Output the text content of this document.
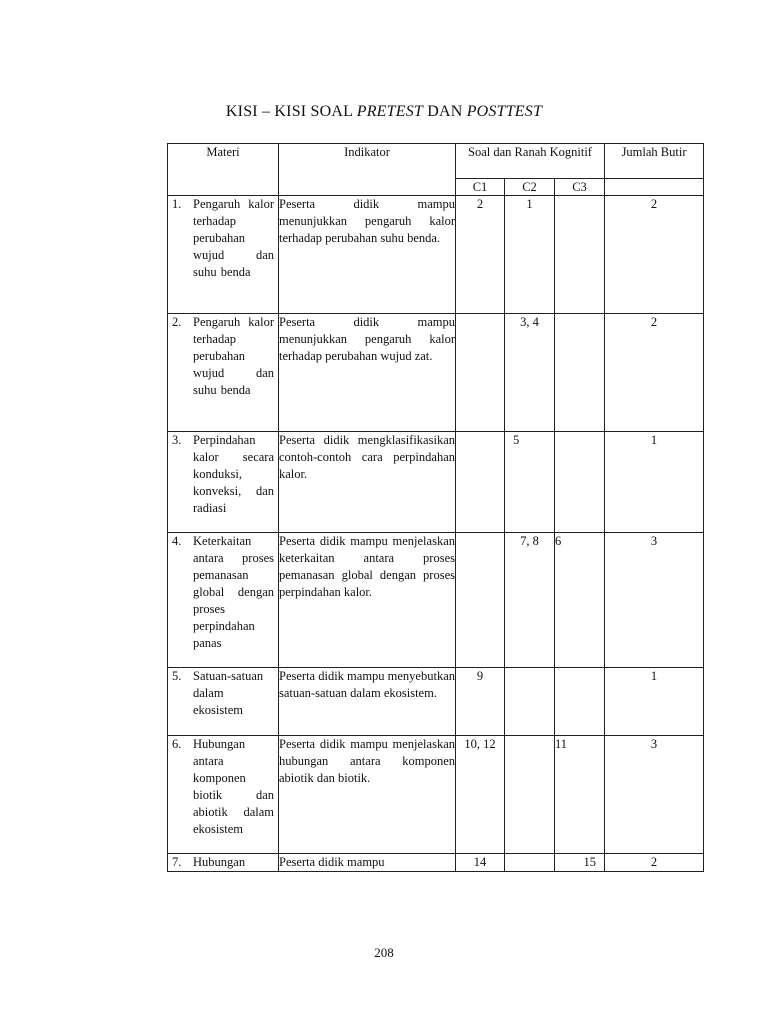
KISI – KISI SOAL PRETEST DAN POSTTEST
Materi	Indikator	Soal dan Ranah Kognitif			Jumlah Butir
		C1	C2	C3	

1. Pengaruh kalor terhadap perubahan wujud dan suhu benda	Peserta didik mampu menunjukkan pengaruh kalor terhadap perubahan suhu benda.	2	1		2

2. Pengaruh kalor terhadap perubahan wujud dan suhu benda	Peserta didik mampu menunjukkan pengaruh kalor terhadap perubahan wujud zat.		3, 4		2

3. Perpindahan kalor secara konduksi, konveksi, dan radiasi	Peserta didik mengklasifikasikan contoh-contoh cara perpindahan kalor.		5		1

4. Keterkaitan antara proses pemanasan global dengan proses perpindahan panas	Peserta didik mampu menjelaskan keterkaitan antara proses pemanasan global dengan proses perpindahan kalor.		7, 8	6	3

5. Satuan-satuan dalam ekosistem	Peserta didik mampu menyebutkan satuan-satuan dalam ekosistem.	9			1

6. Hubungan antara komponen biotik dan abiotik dalam ekosistem	Peserta didik mampu menjelaskan hubungan antara komponen abiotik dan biotik.	10, 12		11	3

7. Hubungan	Peserta didik mampu	14		15	2
208
